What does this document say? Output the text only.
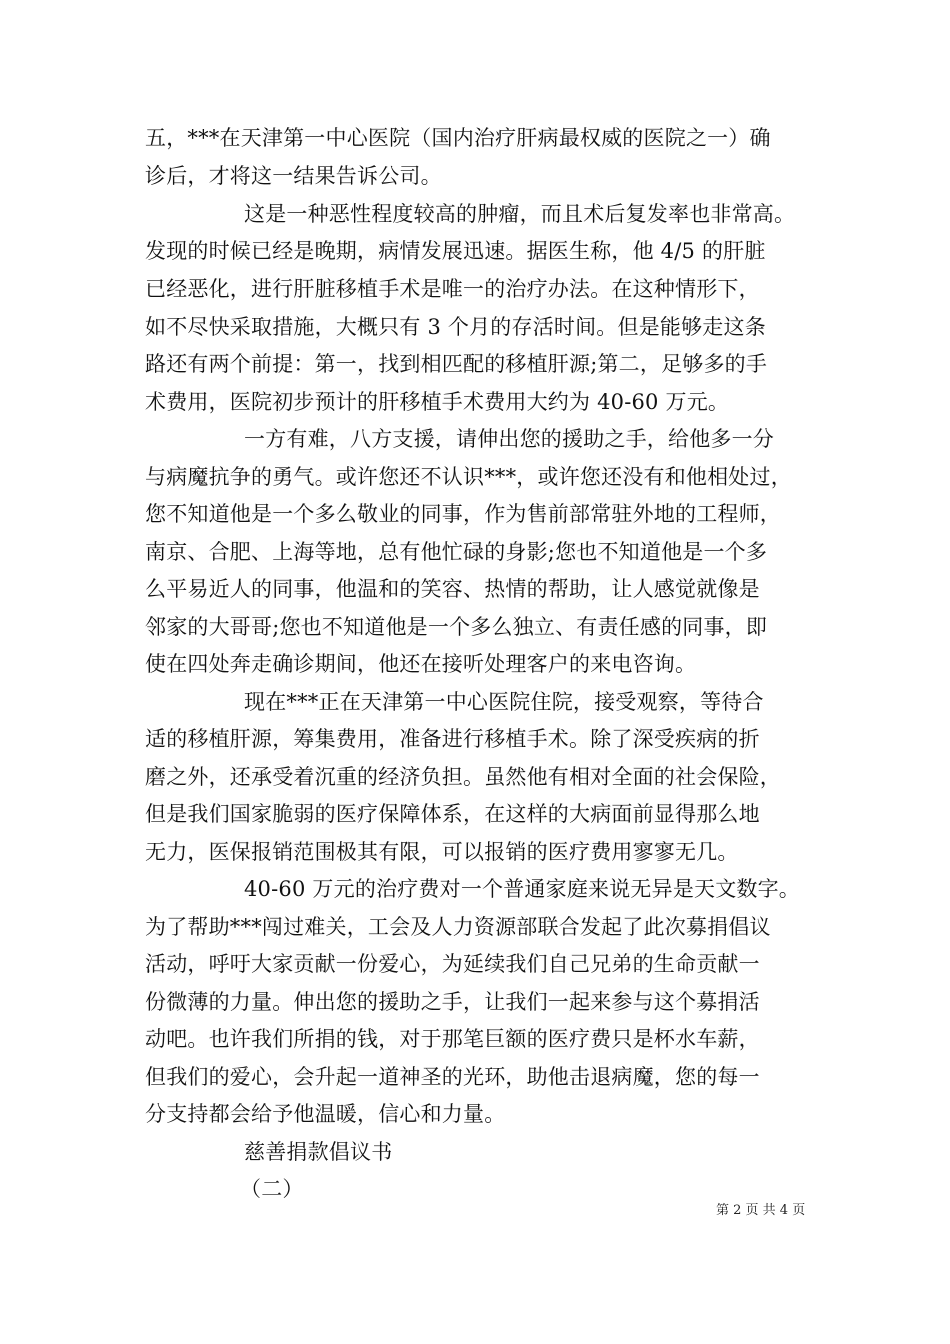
五，***在天津第一中心医院（国内治疗肝病最权威的医院之一）确
诊后，才将这一结果告诉公司。
这是一种恶性程度较高的肿瘤，而且术后复发率也非常高。
发现的时候已经是晚期，病情发展迅速。据医生称，他 4/5 的肝脏
已经恶化，进行肝脏移植手术是唯一的治疗办法。在这种情形下，
如不尽快采取措施，大概只有 3 个月的存活时间。但是能够走这条
路还有两个前提：第一，找到相匹配的移植肝源;第二，足够多的手
术费用，医院初步预计的肝移植手术费用大约为 40-60 万元。
一方有难，八方支援，请伸出您的援助之手，给他多一分
与病魔抗争的勇气。或许您还不认识***，或许您还没有和他相处过，
您不知道他是一个多么敬业的同事，作为售前部常驻外地的工程师，
南京、合肥、上海等地，总有他忙碌的身影;您也不知道他是一个多
么平易近人的同事，他温和的笑容、热情的帮助，让人感觉就像是
邻家的大哥哥;您也不知道他是一个多么独立、有责任感的同事，即
使在四处奔走确诊期间，他还在接听处理客户的来电咨询。
现在***正在天津第一中心医院住院，接受观察，等待合
适的移植肝源，筹集费用，准备进行移植手术。除了深受疾病的折
磨之外，还承受着沉重的经济负担。虽然他有相对全面的社会保险，
但是我们国家脆弱的医疗保障体系，在这样的大病面前显得那么地
无力，医保报销范围极其有限，可以报销的医疗费用寥寥无几。
40-60 万元的治疗费对一个普通家庭来说无异是天文数字。
为了帮助***闯过难关，工会及人力资源部联合发起了此次募捐倡议
活动，呼吁大家贡献一份爱心，为延续我们自己兄弟的生命贡献一
份微薄的力量。伸出您的援助之手，让我们一起来参与这个募捐活
动吧。也许我们所捐的钱，对于那笔巨额的医疗费只是杯水车薪，
但我们的爱心，会升起一道神圣的光环，助他击退病魔，您的每一
分支持都会给予他温暖，信心和力量。
慈善捐款倡议书
（二）
第 2 页 共 4 页
